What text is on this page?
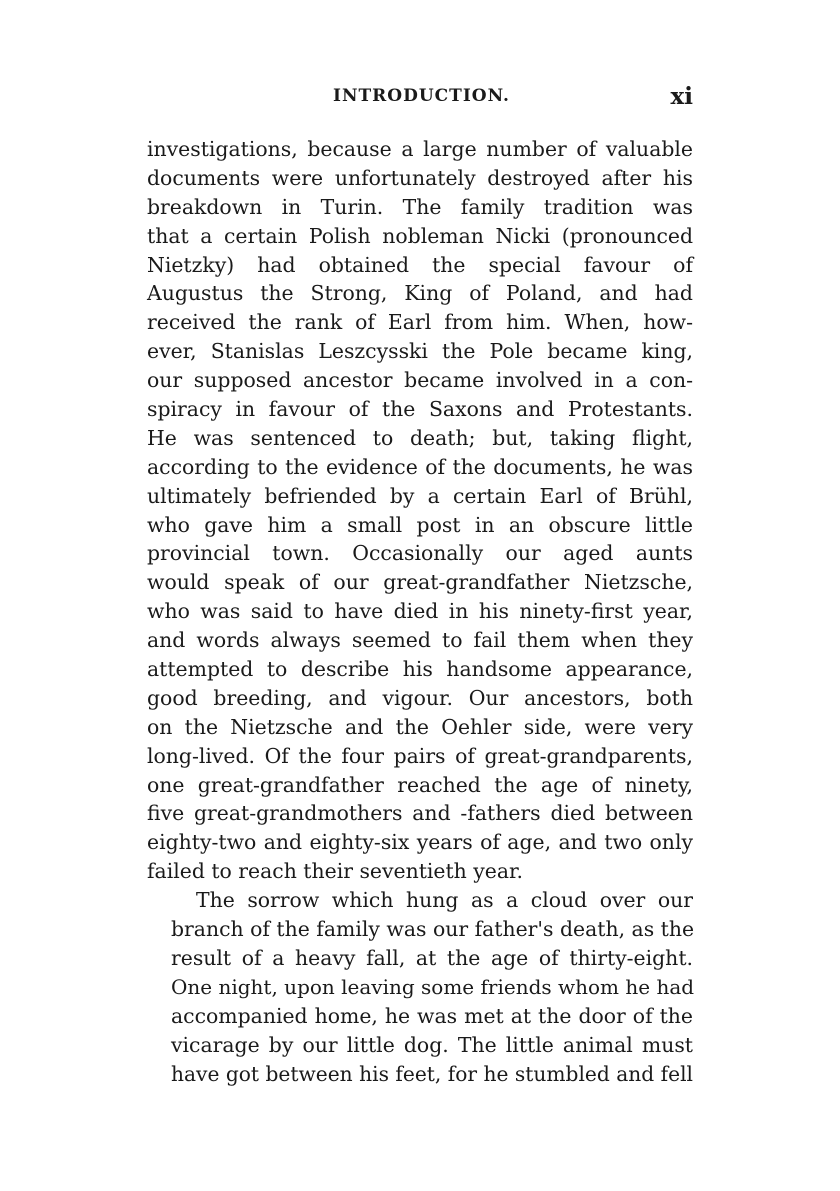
INTRODUCTION.	xi
investigations, because a large number of valuable
documents were unfortunately destroyed after his
breakdown in Turin. The family tradition was
that a certain Polish nobleman Nicki (pronounced
Nietzky) had obtained the special favour of
Augustus the Strong, King of Poland, and had
received the rank of Earl from him. When, how-
ever, Stanislas Leszcysski the Pole became king,
our supposed ancestor became involved in a con-
spiracy in favour of the Saxons and Protestants.
He was sentenced to death; but, taking flight,
according to the evidence of the documents, he was
ultimately befriended by a certain Earl of Brühl,
who gave him a small post in an obscure little
provincial town. Occasionally our aged aunts
would speak of our great-grandfather Nietzsche,
who was said to have died in his ninety-first year,
and words always seemed to fail them when they
attempted to describe his handsome appearance,
good breeding, and vigour. Our ancestors, both
on the Nietzsche and the Oehler side, were very
long-lived. Of the four pairs of great-grandparents,
one great-grandfather reached the age of ninety,
five great-grandmothers and -fathers died between
eighty-two and eighty-six years of age, and two only
failed to reach their seventieth year.
The sorrow which hung as a cloud over our
branch of the family was our father's death, as the
result of a heavy fall, at the age of thirty-eight.
One night, upon leaving some friends whom he had
accompanied home, he was met at the door of the
vicarage by our little dog. The little animal must
have got between his feet, for he stumbled and fell
